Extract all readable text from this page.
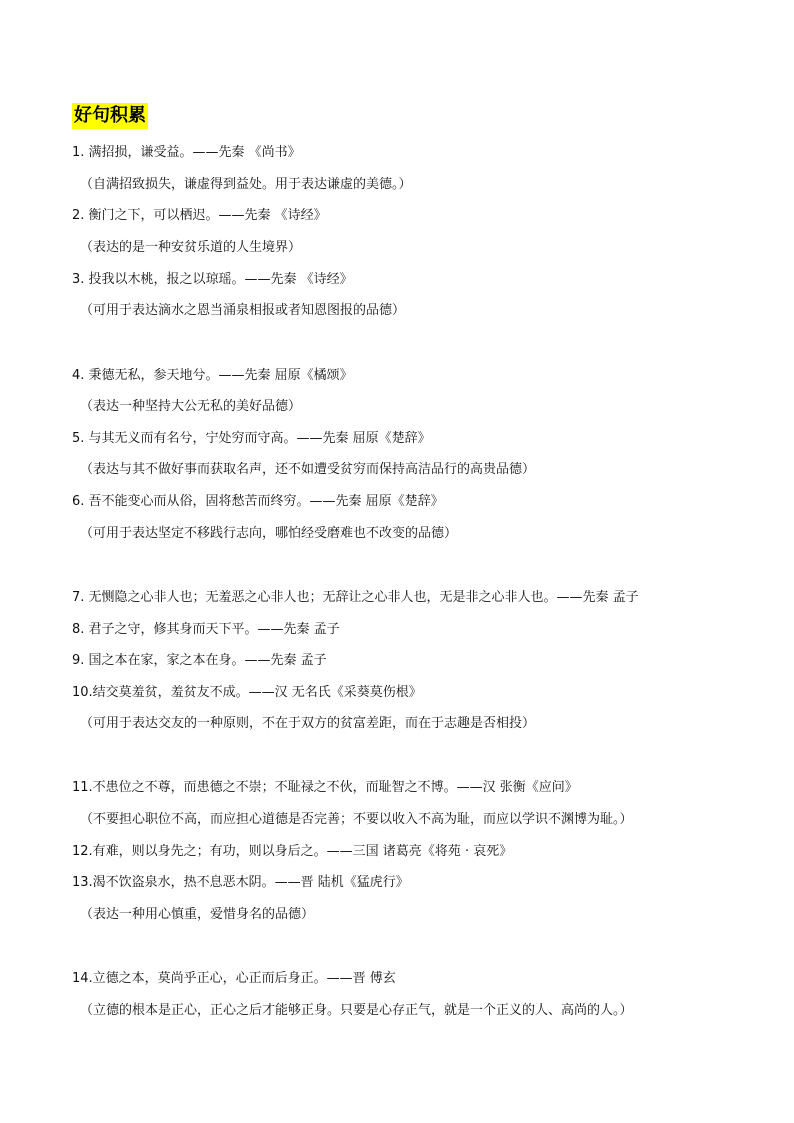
好句积累
1. 满招损，谦受益。——先秦 《尚书》
（自满招致损失，谦虚得到益处。用于表达谦虚的美德。）
2. 衡门之下，可以栖迟。——先秦 《诗经》
（表达的是一种安贫乐道的人生境界）
3. 投我以木桃，报之以琼瑶。——先秦 《诗经》
（可用于表达滴水之恩当涌泉相报或者知恩图报的品德）
4. 秉德无私，参天地兮。——先秦 屈原《橘颂》
（表达一种坚持大公无私的美好品德）
5. 与其无义而有名兮，宁处穷而守高。——先秦 屈原《楚辞》
（表达与其不做好事而获取名声，还不如遭受贫穷而保持高洁品行的高贵品德）
6. 吾不能变心而从俗，固将愁苦而终穷。——先秦 屈原《楚辞》
（可用于表达坚定不移践行志向，哪怕经受磨难也不改变的品德）
7. 无恻隐之心非人也；无羞恶之心非人也；无辞让之心非人也，无是非之心非人也。——先秦 孟子
8. 君子之守，修其身而天下平。——先秦 孟子
9. 国之本在家，家之本在身。——先秦 孟子
10.结交莫羞贫，羞贫友不成。——汉 无名氏《采葵莫伤根》
（可用于表达交友的一种原则，不在于双方的贫富差距，而在于志趣是否相投）
11.不患位之不尊，而患德之不崇；不耻禄之不伙，而耻智之不博。——汉 张衡《应问》
（不要担心职位不高，而应担心道德是否完善；不要以收入不高为耻，而应以学识不渊博为耻。）
12.有难，则以身先之；有功，则以身后之。——三国 诸葛亮《将苑 · 哀死》
13.渴不饮盗泉水，热不息恶木阴。——晋 陆机《猛虎行》
（表达一种用心慎重，爱惜身名的品德）
14.立德之本，莫尚乎正心，心正而后身正。——晋 傅玄
（立德的根本是正心，正心之后才能够正身。只要是心存正气，就是一个正义的人、高尚的人。）
